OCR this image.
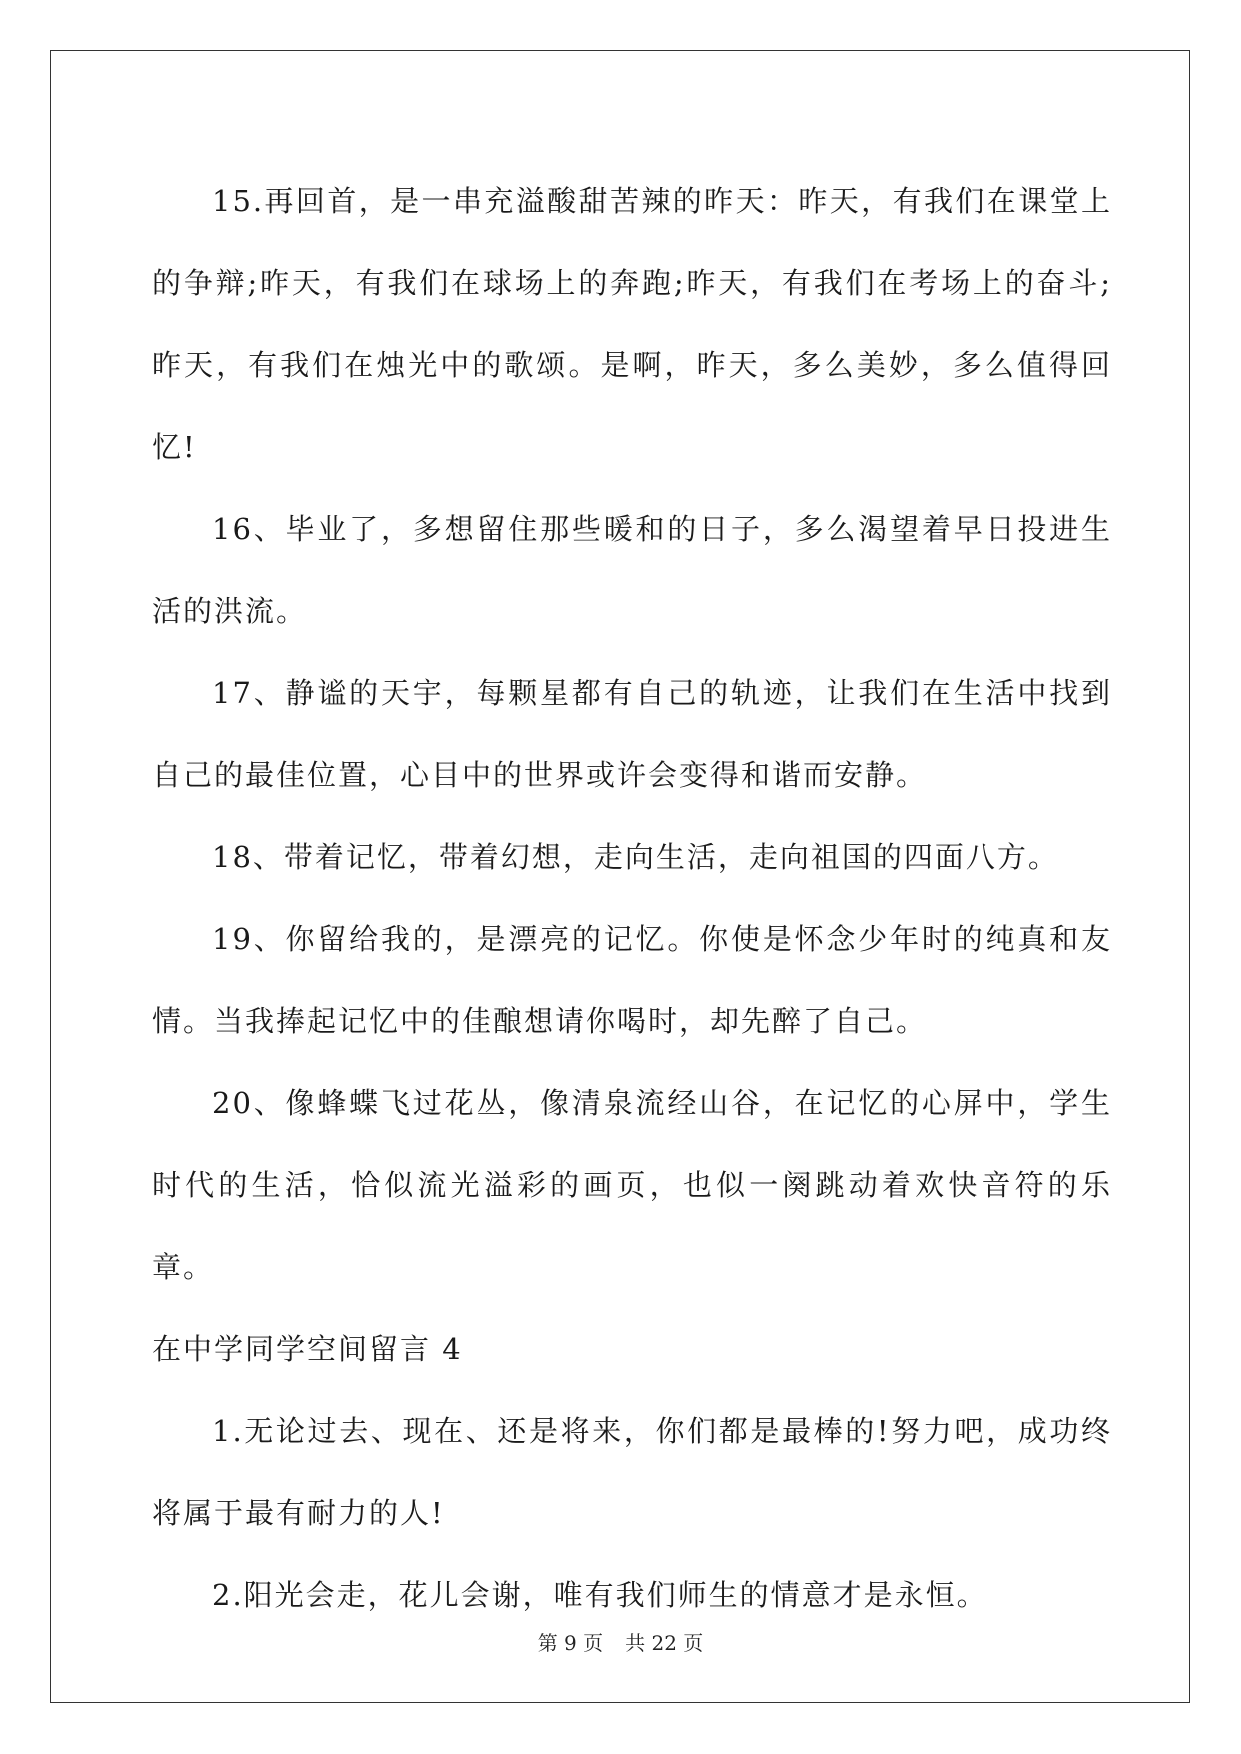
15.再回首，是一串充溢酸甜苦辣的昨天：昨天，有我们在课堂上的争辩;昨天，有我们在球场上的奔跑;昨天，有我们在考场上的奋斗;昨天，有我们在烛光中的歌颂。是啊，昨天，多么美妙，多么值得回忆!

16、毕业了，多想留住那些暖和的日子，多么渴望着早日投进生活的洪流。

17、静谧的天宇，每颗星都有自己的轨迹，让我们在生活中找到自己的最佳位置，心目中的世界或许会变得和谐而安静。

18、带着记忆，带着幻想，走向生活，走向祖国的四面八方。

19、你留给我的，是漂亮的记忆。你使是怀念少年时的纯真和友情。当我捧起记忆中的佳酿想请你喝时，却先醉了自己。

20、像蜂蝶飞过花丛，像清泉流经山谷，在记忆的心屏中，学生时代的生活，恰似流光溢彩的画页，也似一阕跳动着欢快音符的乐章。

在中学同学空间留言 4

1.无论过去、现在、还是将来，你们都是最棒的!努力吧，成功终将属于最有耐力的人!

2.阳光会走，花儿会谢，唯有我们师生的情意才是永恒。

第 9 页 共 22 页
